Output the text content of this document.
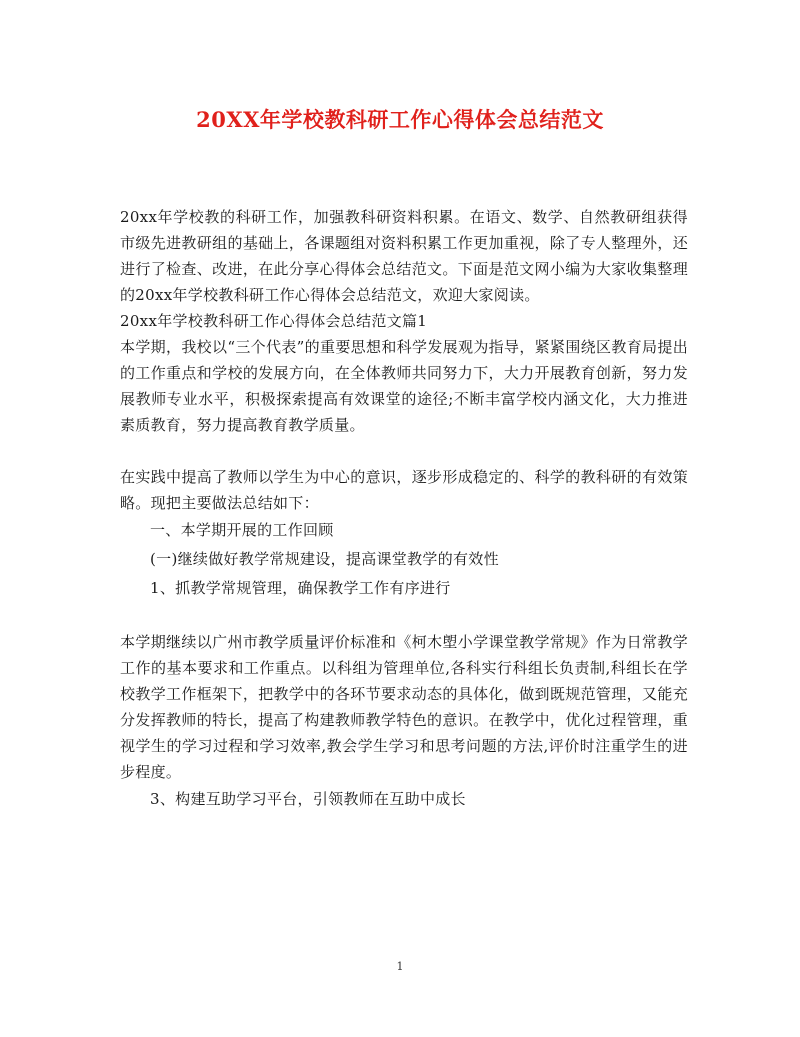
20XX年学校教科研工作心得体会总结范文

20xx年学校教的科研工作，加强教科研资料积累。在语文、数学、自然教研组获得市级先进教研组的基础上，各课题组对资料积累工作更加重视，除了专人整理外，还进行了检查、改进，在此分享心得体会总结范文。下面是范文网小编为大家收集整理的20xx年学校教科研工作心得体会总结范文，欢迎大家阅读。

20xx年学校教科研工作心得体会总结范文篇1

本学期，我校以“三个代表”的重要思想和科学发展观为指导，紧紧围绕区教育局提出的工作重点和学校的发展方向，在全体教师共同努力下，大力开展教育创新，努力发展教师专业水平，积极探索提高有效课堂的途径;不断丰富学校内涵文化，大力推进素质教育，努力提高教育教学质量。

在实践中提高了教师以学生为中心的意识，逐步形成稳定的、科学的教科研的有效策略。现把主要做法总结如下：

一、本学期开展的工作回顾

(一)继续做好教学常规建设，提高课堂教学的有效性

1、抓教学常规管理，确保教学工作有序进行

本学期继续以广州市教学质量评价标准和《柯木塱小学课堂教学常规》作为日常教学工作的基本要求和工作重点。以科组为管理单位,各科实行科组长负责制,科组长在学校教学工作框架下，把教学中的各环节要求动态的具体化，做到既规范管理，又能充分发挥教师的特长，提高了构建教师教学特色的意识。在教学中，优化过程管理，重视学生的学习过程和学习效率,教会学生学习和思考问题的方法,评价时注重学生的进步程度。

3、构建互助学习平台，引领教师在互助中成长

1
